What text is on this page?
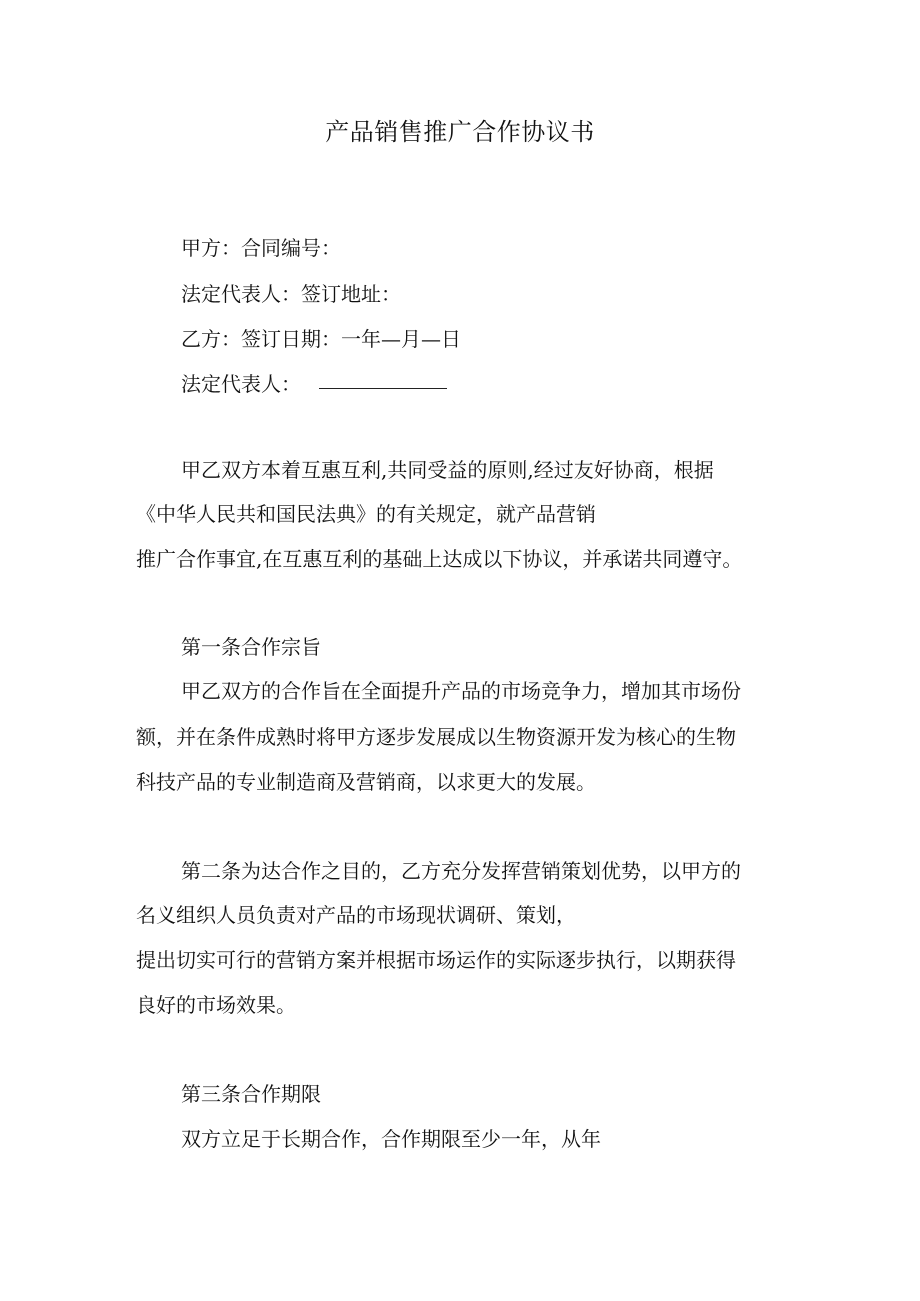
产品销售推广合作协议书
甲方：合同编号：
法定代表人：签订地址：
乙方：签订日期：一年—月—日
法定代表人：
甲乙双方本着互惠互利,共同受益的原则,经过友好协商，根据
《中华人民共和国民法典》的有关规定，就产品营销
推广合作事宜,在互惠互利的基础上达成以下协议，并承诺共同遵守。
第一条合作宗旨
甲乙双方的合作旨在全面提升产品的市场竞争力，增加其市场份
额，并在条件成熟时将甲方逐步发展成以生物资源开发为核心的生物
科技产品的专业制造商及营销商，以求更大的发展。
第二条为达合作之目的，乙方充分发挥营销策划优势，以甲方的
名义组织人员负责对产品的市场现状调研、策划，
提出切实可行的营销方案并根据市场运作的实际逐步执行，以期获得
良好的市场效果。
第三条合作期限
双方立足于长期合作，合作期限至少一年，从年
